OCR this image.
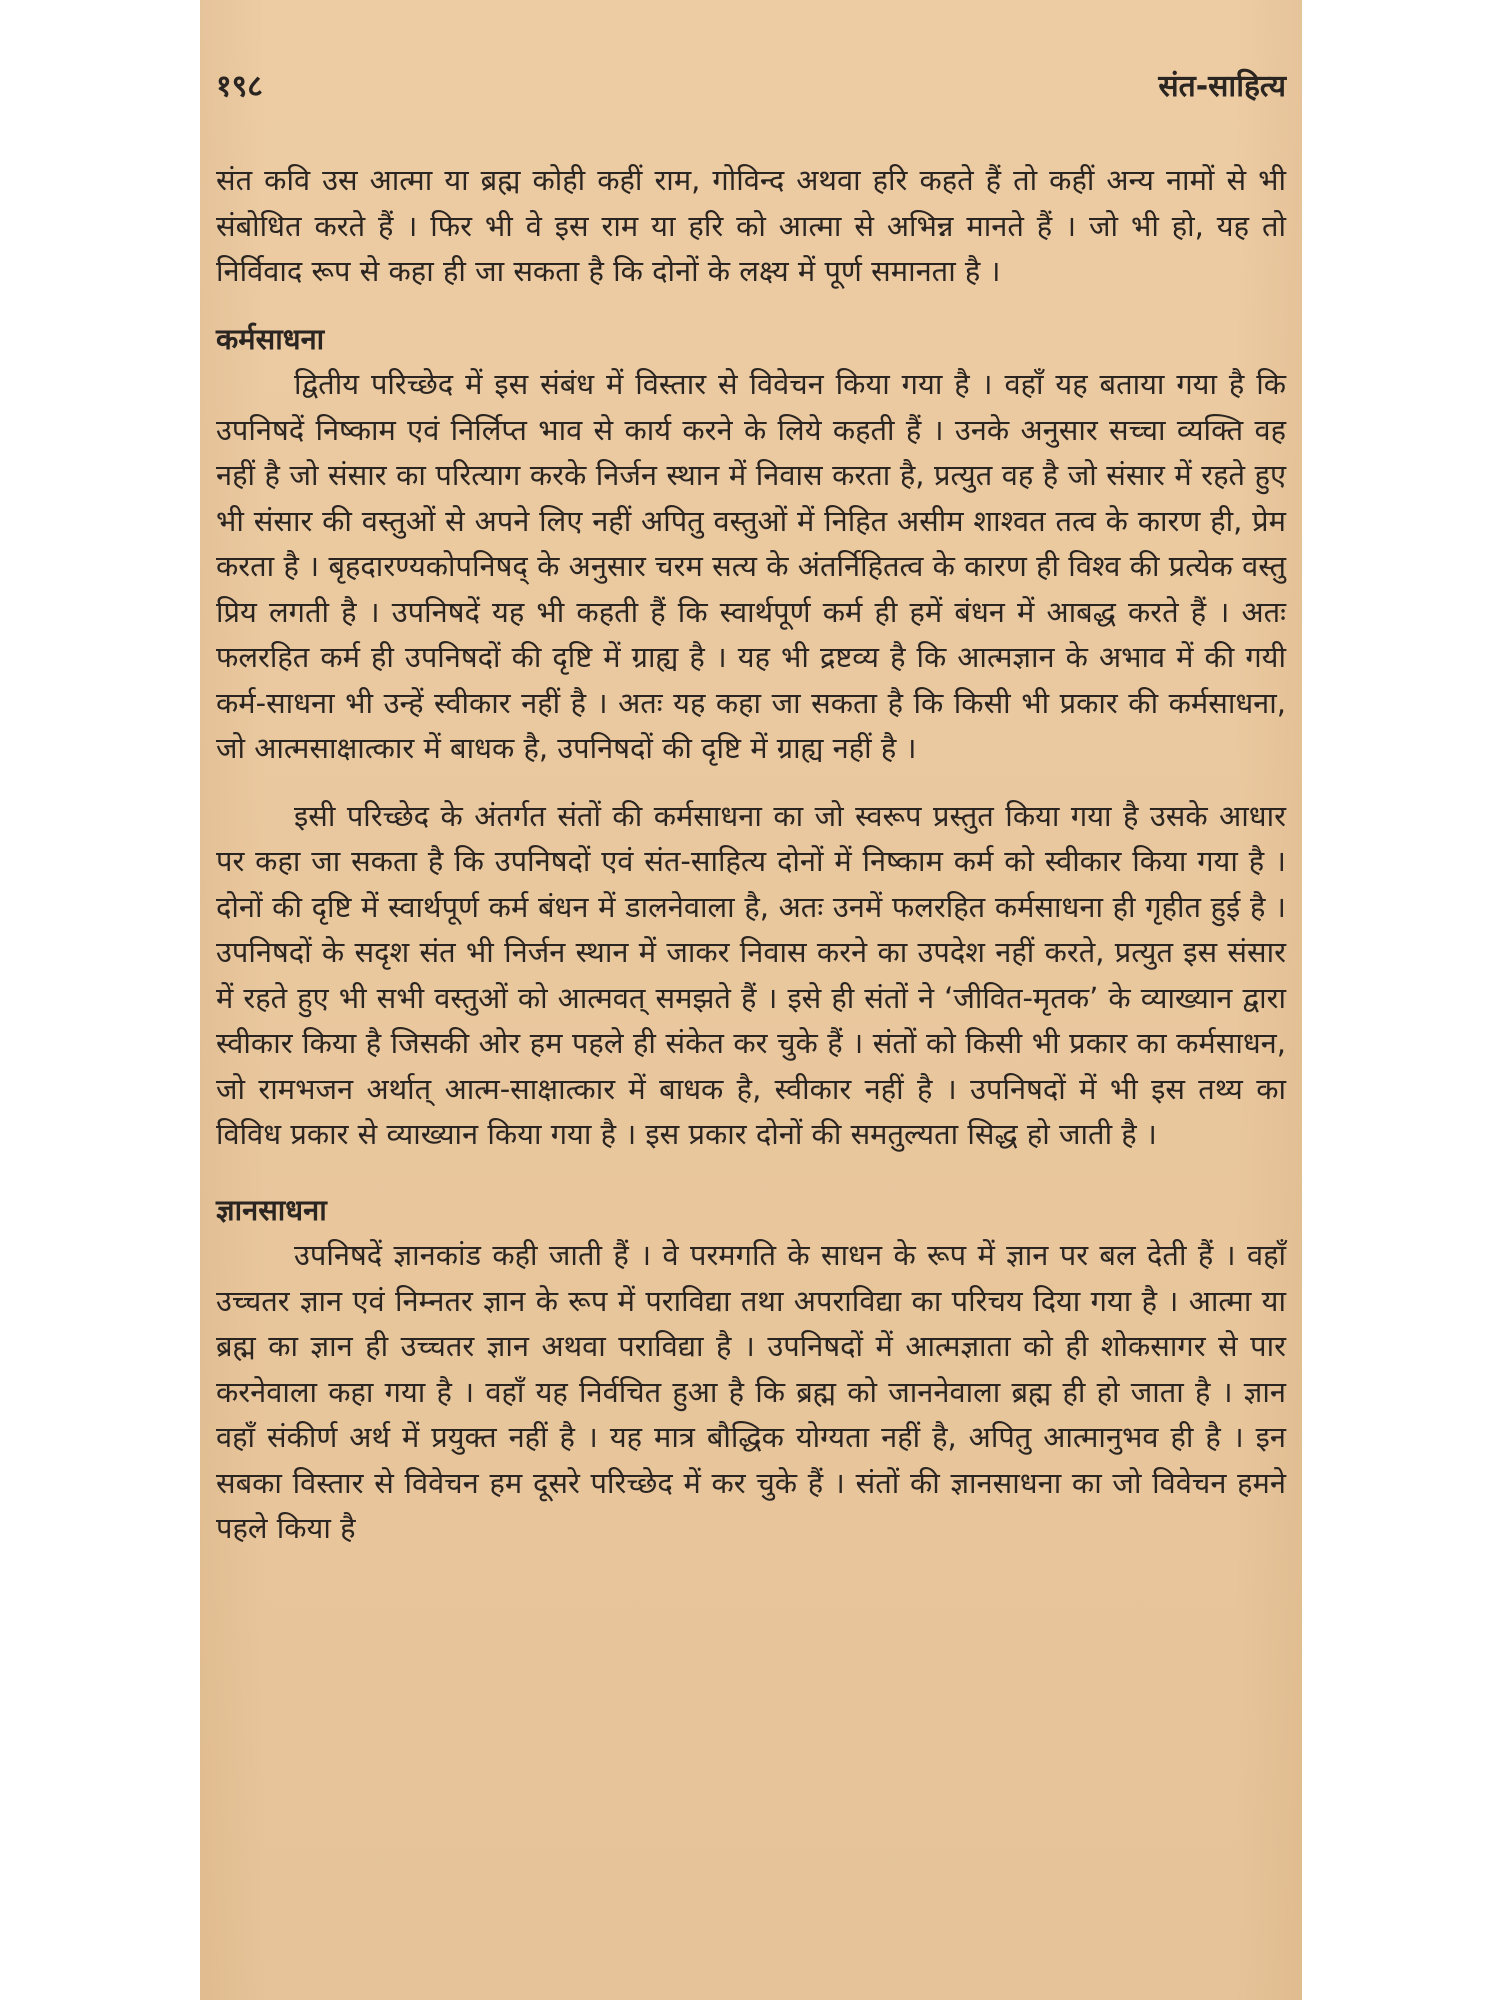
१९८	संत-साहित्य

संत कवि उस आत्मा या ब्रह्म कोही कहीं राम, गोविन्द अथवा हरि कहते हैं तो कहीं अन्य नामों से भी संबोधित करते हैं । फिर भी वे इस राम या हरि को आत्मा से अभिन्न मानते हैं । जो भी हो, यह तो निर्विवाद रूप से कहा ही जा सकता है कि दोनों के लक्ष्य में पूर्ण समानता है ।

कर्मसाधना

द्वितीय परिच्छेद में इस संबंध में विस्तार से विवेचन किया गया है । वहाँ यह बताया गया है कि उपनिषदें निष्काम एवं निर्लिप्त भाव से कार्य करने के लिये कहती हैं । उनके अनुसार सच्चा व्यक्ति वह नहीं है जो संसार का परित्याग करके निर्जन स्थान में निवास करता है, प्रत्युत वह है जो संसार में रहते हुए भी संसार की वस्तुओं से अपने लिए नहीं अपितु वस्तुओं में निहित असीम शाश्वत तत्व के कारण ही, प्रेम करता है । बृहदारण्यकोपनिषद् के अनुसार चरम सत्य के अंतर्निहितत्व के कारण ही विश्व की प्रत्येक वस्तु प्रिय लगती है । उपनिषदें यह भी कहती हैं कि स्वार्थपूर्ण कर्म ही हमें बंधन में आबद्ध करते हैं । अतः फलरहित कर्म ही उपनिषदों की दृष्टि में ग्राह्य है । यह भी द्रष्टव्य है कि आत्मज्ञान के अभाव में की गयी कर्म-साधना भी उन्हें स्वीकार नहीं है । अतः यह कहा जा सकता है कि किसी भी प्रकार की कर्मसाधना, जो आत्मसाक्षात्कार में बाधक है, उपनिषदों की दृष्टि में ग्राह्य नहीं है ।

इसी परिच्छेद के अंतर्गत संतों की कर्मसाधना का जो स्वरूप प्रस्तुत किया गया है उसके आधार पर कहा जा सकता है कि उपनिषदों एवं संत-साहित्य दोनों में निष्काम कर्म को स्वीकार किया गया है । दोनों की दृष्टि में स्वार्थपूर्ण कर्म बंधन में डालनेवाला है, अतः उनमें फलरहित कर्मसाधना ही गृहीत हुई है । उपनिषदों के सदृश संत भी निर्जन स्थान में जाकर निवास करने का उपदेश नहीं करते, प्रत्युत इस संसार में रहते हुए भी सभी वस्तुओं को आत्मवत् समझते हैं । इसे ही संतों ने ‘जीवित-मृतक’ के व्याख्यान द्वारा स्वीकार किया है जिसकी ओर हम पहले ही संकेत कर चुके हैं । संतों को किसी भी प्रकार का कर्मसाधन, जो रामभजन अर्थात् आत्म-साक्षात्कार में बाधक है, स्वीकार नहीं है । उपनिषदों में भी इस तथ्य का विविध प्रकार से व्याख्यान किया गया है । इस प्रकार दोनों की समतुल्यता सिद्ध हो जाती है ।

ज्ञानसाधना

उपनिषदें ज्ञानकांड कही जाती हैं । वे परमगति के साधन के रूप में ज्ञान पर बल देती हैं । वहाँ उच्चतर ज्ञान एवं निम्नतर ज्ञान के रूप में पराविद्या तथा अपराविद्या का परिचय दिया गया है । आत्मा या ब्रह्म का ज्ञान ही उच्चतर ज्ञान अथवा पराविद्या है । उपनिषदों में आत्मज्ञाता को ही शोकसागर से पार करनेवाला कहा गया है । वहाँ यह निर्वचित हुआ है कि ब्रह्म को जाननेवाला ब्रह्म ही हो जाता है । ज्ञान वहाँ संकीर्ण अर्थ में प्रयुक्त नहीं है । यह मात्र बौद्धिक योग्यता नहीं है, अपितु आत्मानुभव ही है । इन सबका विस्तार से विवेचन हम दूसरे परिच्छेद में कर चुके हैं । संतों की ज्ञानसाधना का जो विवेचन हमने पहले किया है
